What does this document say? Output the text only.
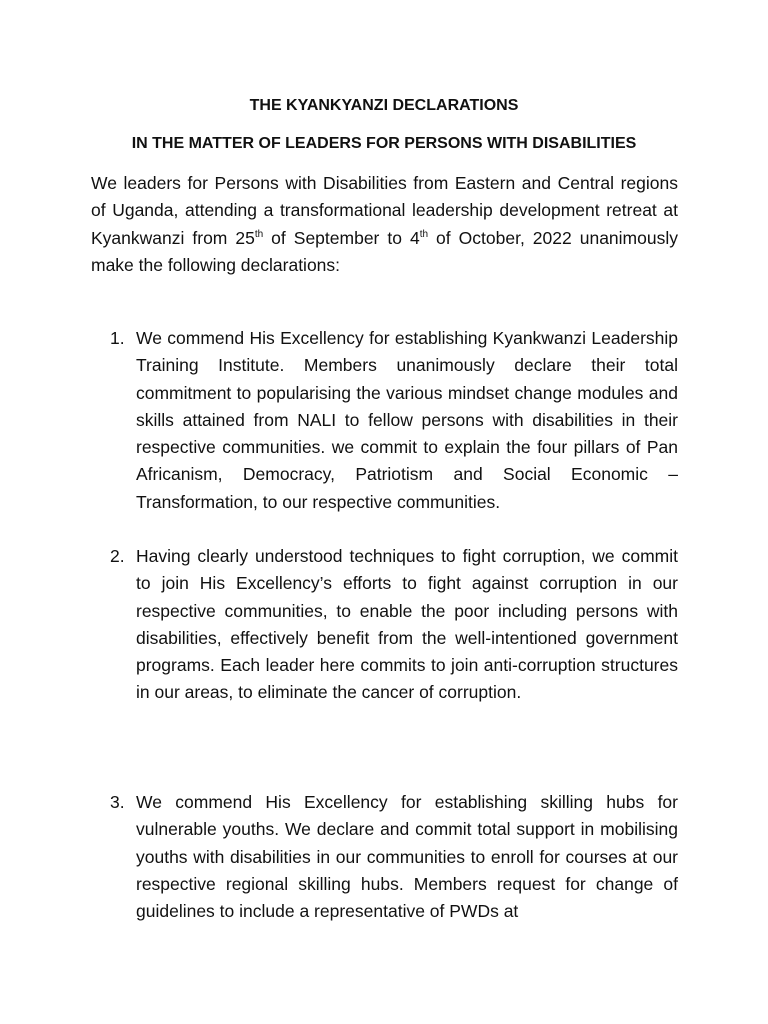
THE KYANKYANZI DECLARATIONS
IN THE MATTER OF LEADERS FOR PERSONS WITH DISABILITIES

We leaders for Persons with Disabilities from Eastern and Central regions of Uganda, attending a transformational leadership development retreat at Kyankwanzi from 25th of September to 4th of October, 2022 unanimously make the following declarations:

1. We commend His Excellency for establishing Kyankwanzi Leadership Training Institute. Members unanimously declare their total commitment to popularising the various mindset change modules and skills attained from NALI to fellow persons with disabilities in their respective communities. we commit to explain the four pillars of Pan Africanism, Democracy, Patriotism and Social Economic –Transformation, to our respective communities.
2. Having clearly understood techniques to fight corruption, we commit to join His Excellency’s efforts to fight against corruption in our respective communities, to enable the poor including persons with disabilities, effectively benefit from the well-intentioned government programs. Each leader here commits to join anti-corruption structures in our areas, to eliminate the cancer of corruption.
3. We commend His Excellency for establishing skilling hubs for vulnerable youths. We declare and commit total support in mobilising youths with disabilities in our communities to enroll for courses at our respective regional skilling hubs. Members request for change of guidelines to include a representative of PWDs at
